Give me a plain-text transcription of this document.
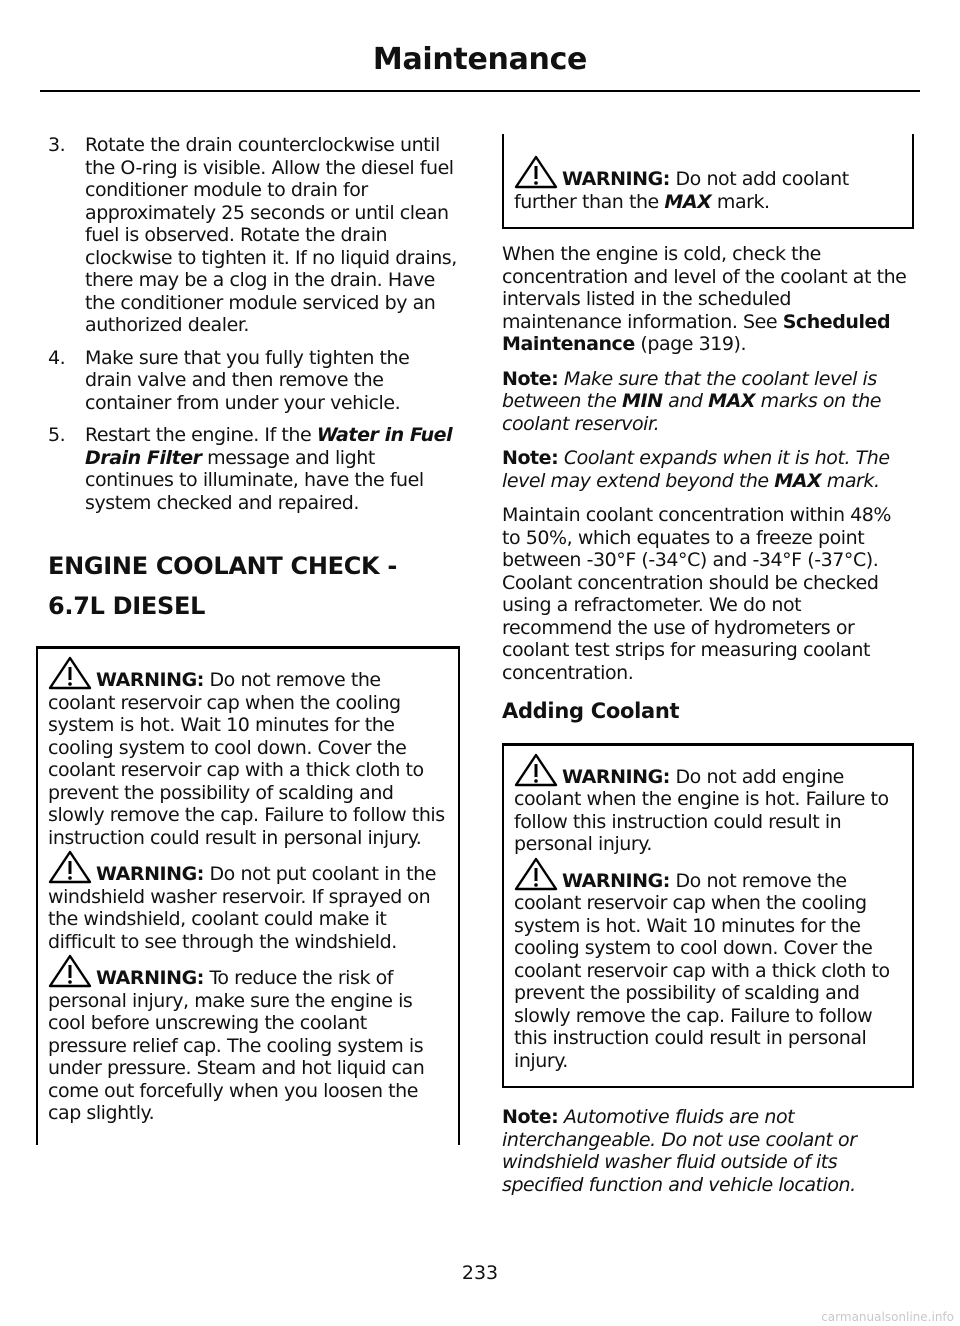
Maintenance
3. Rotate the drain counterclockwise until the O-ring is visible. Allow the diesel fuel conditioner module to drain for approximately 25 seconds or until clean fuel is observed. Rotate the drain clockwise to tighten it. If no liquid drains, there may be a clog in the drain. Have the conditioner module serviced by an authorized dealer.
4. Make sure that you fully tighten the drain valve and then remove the container from under your vehicle.
5. Restart the engine. If the Water in Fuel Drain Filter message and light continues to illuminate, have the fuel system checked and repaired.
ENGINE COOLANT CHECK -
6.7L DIESEL
WARNING: Do not remove the coolant reservoir cap when the cooling system is hot. Wait 10 minutes for the cooling system to cool down. Cover the coolant reservoir cap with a thick cloth to prevent the possibility of scalding and slowly remove the cap. Failure to follow this instruction could result in personal injury.
WARNING: Do not put coolant in the windshield washer reservoir. If sprayed on the windshield, coolant could make it difficult to see through the windshield.
WARNING: To reduce the risk of personal injury, make sure the engine is cool before unscrewing the coolant pressure relief cap. The cooling system is under pressure. Steam and hot liquid can come out forcefully when you loosen the cap slightly.
WARNING: Do not add coolant further than the MAX mark.

When the engine is cold, check the concentration and level of the coolant at the intervals listed in the scheduled maintenance information. See Scheduled Maintenance (page 319).

Note: Make sure that the coolant level is between the MIN and MAX marks on the coolant reservoir.

Note: Coolant expands when it is hot. The level may extend beyond the MAX mark.

Maintain coolant concentration within 48% to 50%, which equates to a freeze point between -30°F (-34°C) and -34°F (-37°C). Coolant concentration should be checked using a refractometer. We do not recommend the use of hydrometers or coolant test strips for measuring coolant concentration.

Adding Coolant
WARNING: Do not add engine coolant when the engine is hot. Failure to follow this instruction could result in personal injury.
WARNING: Do not remove the coolant reservoir cap when the cooling system is hot. Wait 10 minutes for the cooling system to cool down. Cover the coolant reservoir cap with a thick cloth to prevent the possibility of scalding and slowly remove the cap. Failure to follow this instruction could result in personal injury.

Note: Automotive fluids are not interchangeable. Do not use coolant or windshield washer fluid outside of its specified function and vehicle location.

233
carmanualsonline.info
